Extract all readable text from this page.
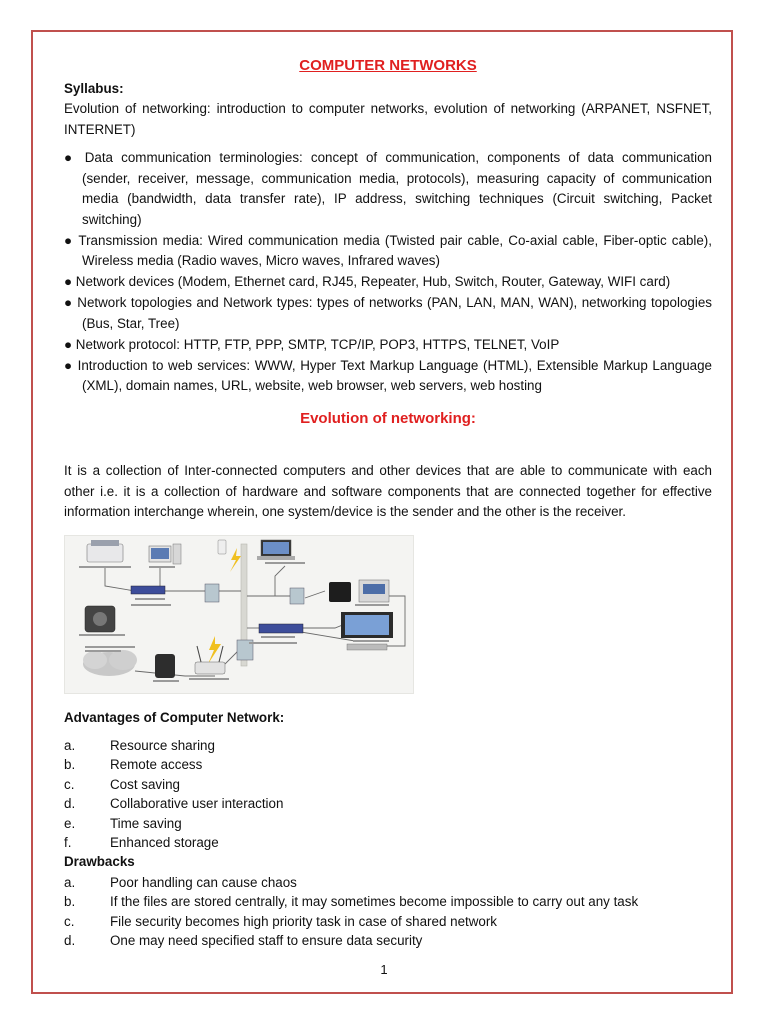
COMPUTER NETWORKS

Syllabus:

Evolution of networking: introduction to computer networks, evolution of networking (ARPANET, NSFNET, INTERNET)

● Data communication terminologies: concept of communication, components of data communication (sender, receiver, message, communication media, protocols), measuring capacity of communication media (bandwidth, data transfer rate), IP address, switching techniques (Circuit switching, Packet switching)
● Transmission media: Wired communication media (Twisted pair cable, Co-axial cable, Fiber-optic cable), Wireless media (Radio waves, Micro waves, Infrared waves)
● Network devices (Modem, Ethernet card, RJ45, Repeater, Hub, Switch, Router, Gateway, WIFI card)
● Network topologies and Network types: types of networks (PAN, LAN, MAN, WAN), networking topologies (Bus, Star, Tree)
● Network protocol: HTTP, FTP, PPP, SMTP, TCP/IP, POP3, HTTPS, TELNET, VoIP
● Introduction to web services: WWW, Hyper Text Markup Language (HTML), Extensible Markup Language (XML), domain names, URL, website, web browser, web servers, web hosting
Evolution of networking:

It is a collection of Inter-connected computers and other devices that are able to communicate with each other i.e. it is a collection of hardware and software components that are connected together for effective information interchange wherein, one system/device is the sender and the other is the receiver.

Advantages of Computer Network:

a.	Resource sharing
b.	Remote access
c.	Cost saving
d.	Collaborative user interaction
e.	Time saving
f.	Enhanced storage

Drawbacks

a.	Poor handling can cause chaos
b.	If the files are stored centrally, it may sometimes become impossible to carry out any task
c.	File security becomes high priority task in case of shared network
d.	One may need specified staff to ensure data security
1
